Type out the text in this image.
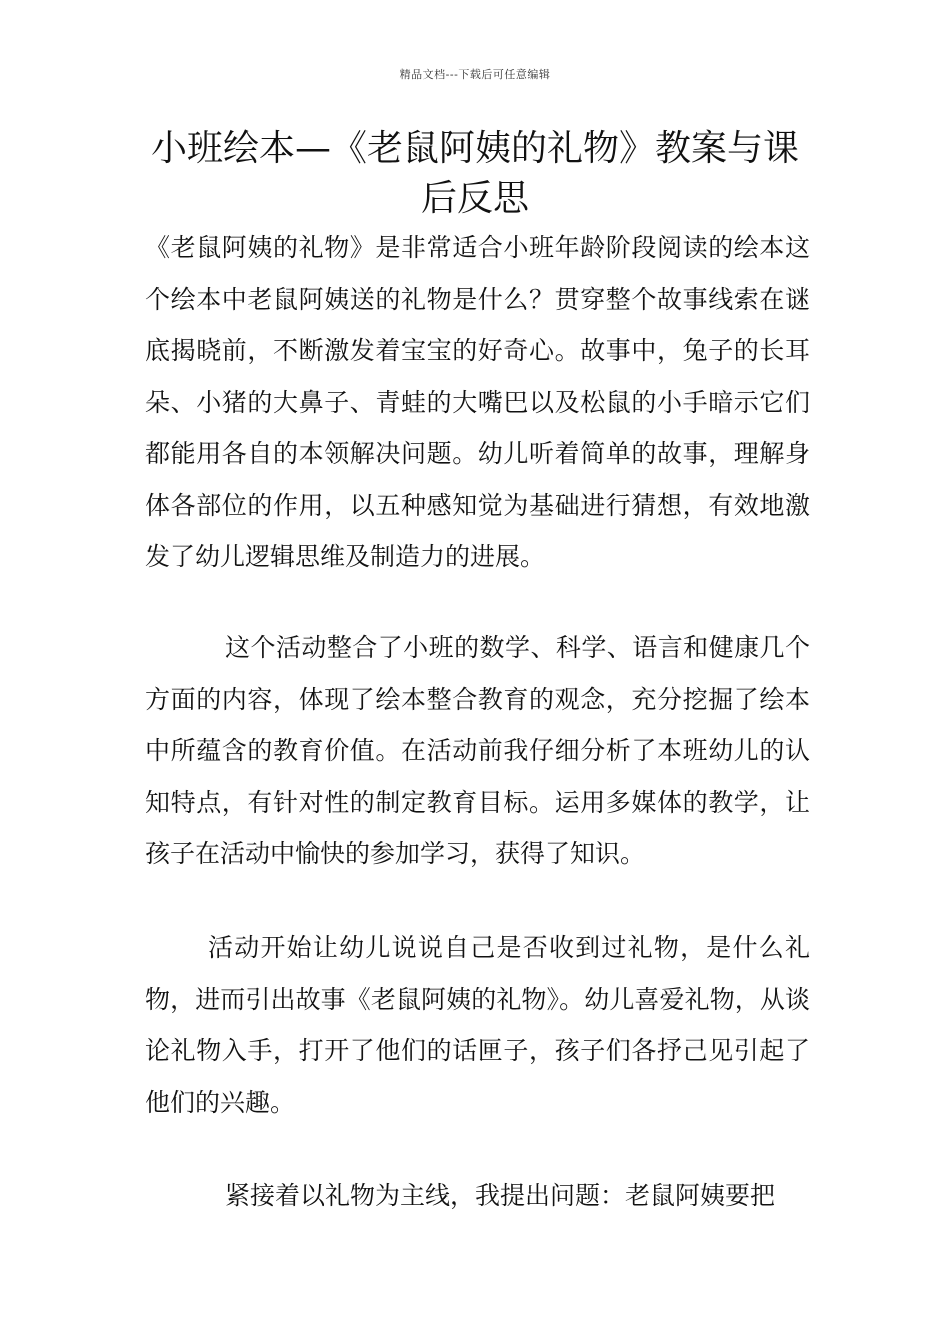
精品文档---下载后可任意编辑
小班绘本—《老鼠阿姨的礼物》教案与课后反思

《老鼠阿姨的礼物》是非常适合小班年龄阶段阅读的绘本这个绘本中老鼠阿姨送的礼物是什么？贯穿整个故事线索在谜底揭晓前，不断激发着宝宝的好奇心。故事中，兔子的长耳朵、小猪的大鼻子、青蛙的大嘴巴以及松鼠的小手暗示它们都能用各自的本领解决问题。幼儿听着简单的故事，理解身体各部位的作用，以五种感知觉为基础进行猜想，有效地激发了幼儿逻辑思维及制造力的进展。

这个活动整合了小班的数学、科学、语言和健康几个方面的内容，体现了绘本整合教育的观念，充分挖掘了绘本中所蕴含的教育价值。在活动前我仔细分析了本班幼儿的认知特点，有针对性的制定教育目标。运用多媒体的教学，让孩子在活动中愉快的参加学习，获得了知识。

活动开始让幼儿说说自己是否收到过礼物，是什么礼物，进而引出故事《老鼠阿姨的礼物》。幼儿喜爱礼物，从谈论礼物入手，打开了他们的话匣子，孩子们各抒己见引起了他们的兴趣。

紧接着以礼物为主线，我提出问题：老鼠阿姨要把
